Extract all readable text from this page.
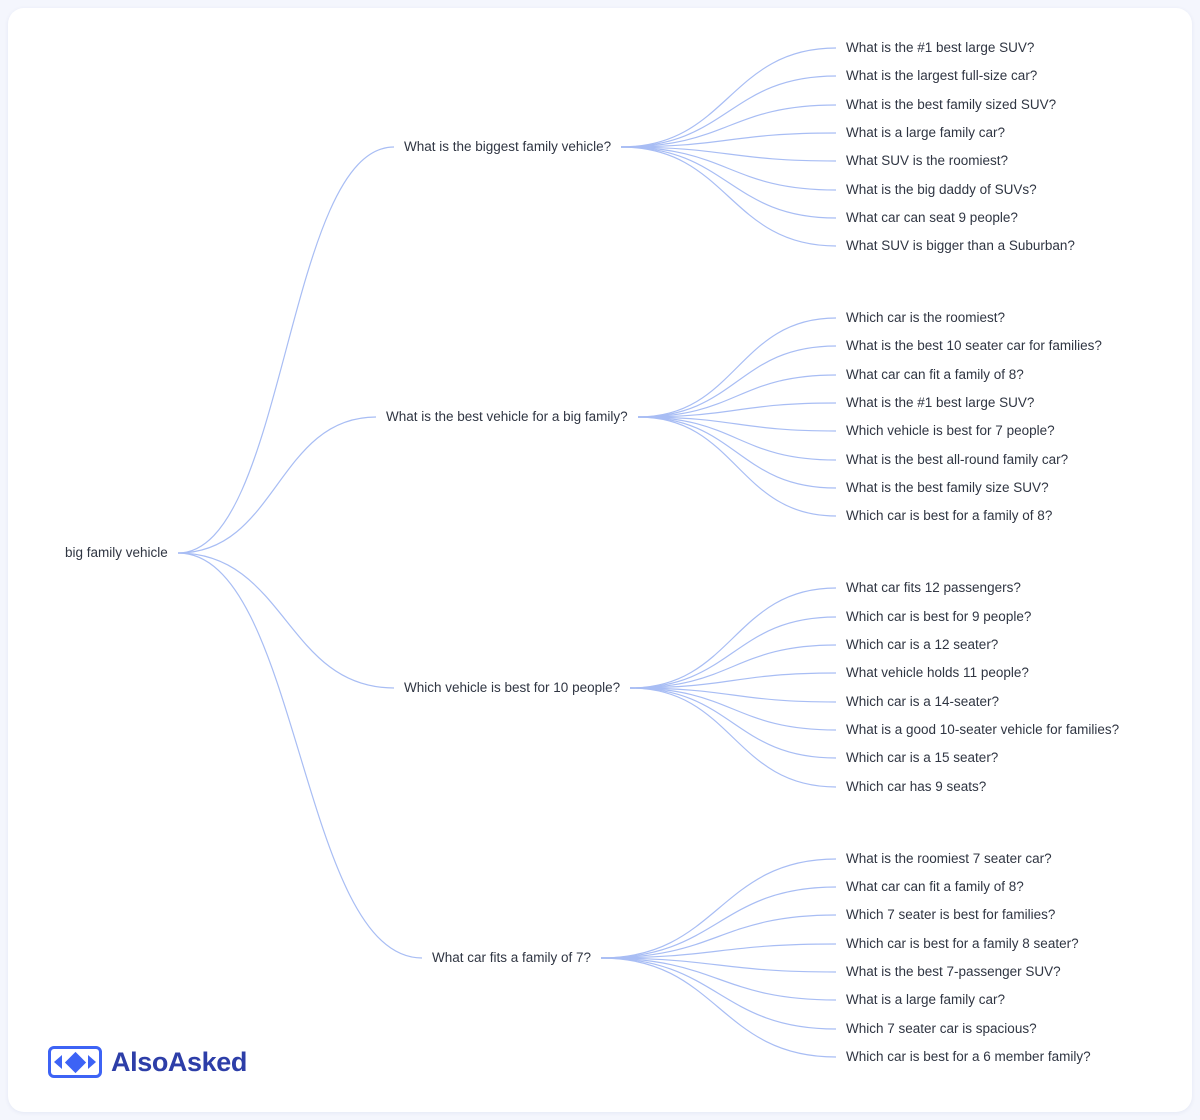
big family vehicle
What is the biggest family vehicle?
What is the #1 best large SUV?
What is the largest full-size car?
What is the best family sized SUV?
What is a large family car?
What SUV is the roomiest?
What is the big daddy of SUVs?
What car can seat 9 people?
What SUV is bigger than a Suburban?
What is the best vehicle for a big family?
Which car is the roomiest?
What is the best 10 seater car for families?
What car can fit a family of 8?
What is the #1 best large SUV?
Which vehicle is best for 7 people?
What is the best all-round family car?
What is the best family size SUV?
Which car is best for a family of 8?
Which vehicle is best for 10 people?
What car fits 12 passengers?
Which car is best for 9 people?
Which car is a 12 seater?
What vehicle holds 11 people?
Which car is a 14-seater?
What is a good 10-seater vehicle for families?
Which car is a 15 seater?
Which car has 9 seats?
What car fits a family of 7?
What is the roomiest 7 seater car?
What car can fit a family of 8?
Which 7 seater is best for families?
Which car is best for a family 8 seater?
What is the best 7-passenger SUV?
What is a large family car?
Which 7 seater car is spacious?
Which car is best for a 6 member family?
AlsoAsked
